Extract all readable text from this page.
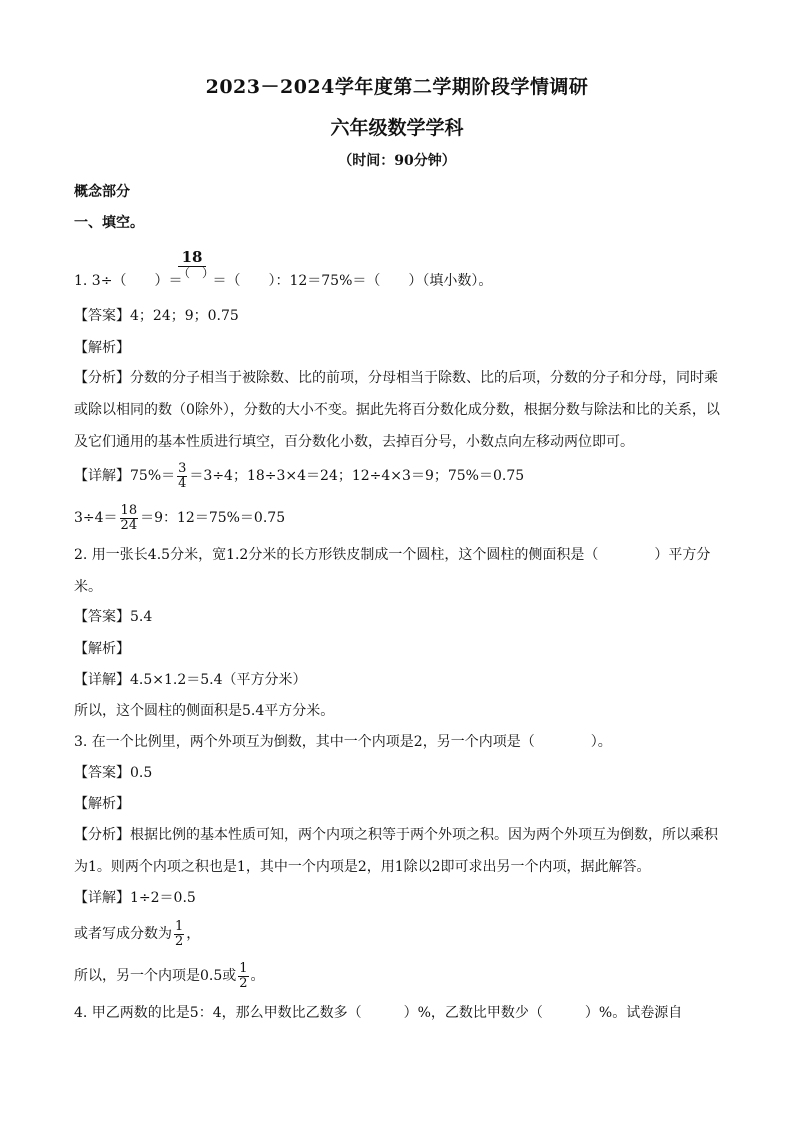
2023－2024学年度第二学期阶段学情调研
六年级数学学科
（时间：90分钟）
概念部分
一、填空。
18
（　）
1. 3÷（　　）＝ ＝（　　）：12＝75%＝（　　）（填小数）。
【答案】4；24；9；0.75
【解析】
【分析】分数的分子相当于被除数、比的前项，分母相当于除数、比的后项，分数的分子和分母，同时乘或除以相同的数（0除外），分数的大小不变。据此先将百分数化成分数，根据分数与除法和比的关系，以及它们通用的基本性质进行填空，百分数化小数，去掉百分号，小数点向左移动两位即可。
【详解】$75\%= \frac{3}{4} =3\div 4$；18÷3×4＝24；12÷4×3＝9；75%＝0.75
$3\div 4= \frac{18}{24} =9$：12＝75%＝0.75
2. 用一张长4.5分米，宽1.2分米的长方形铁皮制成一个圆柱，这个圆柱的侧面积是（　　　　）平方分米。
【答案】5.4
【解析】
【详解】4.5×1.2＝5.4（平方分米）
所以，这个圆柱的侧面积是5.4平方分米。
3. 在一个比例里，两个外项互为倒数，其中一个内项是2，另一个内项是（　　　　）。
【答案】0.5
【解析】
【分析】根据比例的基本性质可知，两个内项之积等于两个外项之积。因为两个外项互为倒数，所以乘积为1。则两个内项之积也是1，其中一个内项是2，用1除以2即可求出另一个内项，据此解答。
【详解】1÷2＝0.5
或者写成分数为 $\frac{1}{2}$ ，
所以，另一个内项是0.5或 $\frac{1}{2}$ 。
4. 甲乙两数的比是5：4，那么甲数比乙数多（　　　）%，乙数比甲数少（　　　）%。试卷源自
